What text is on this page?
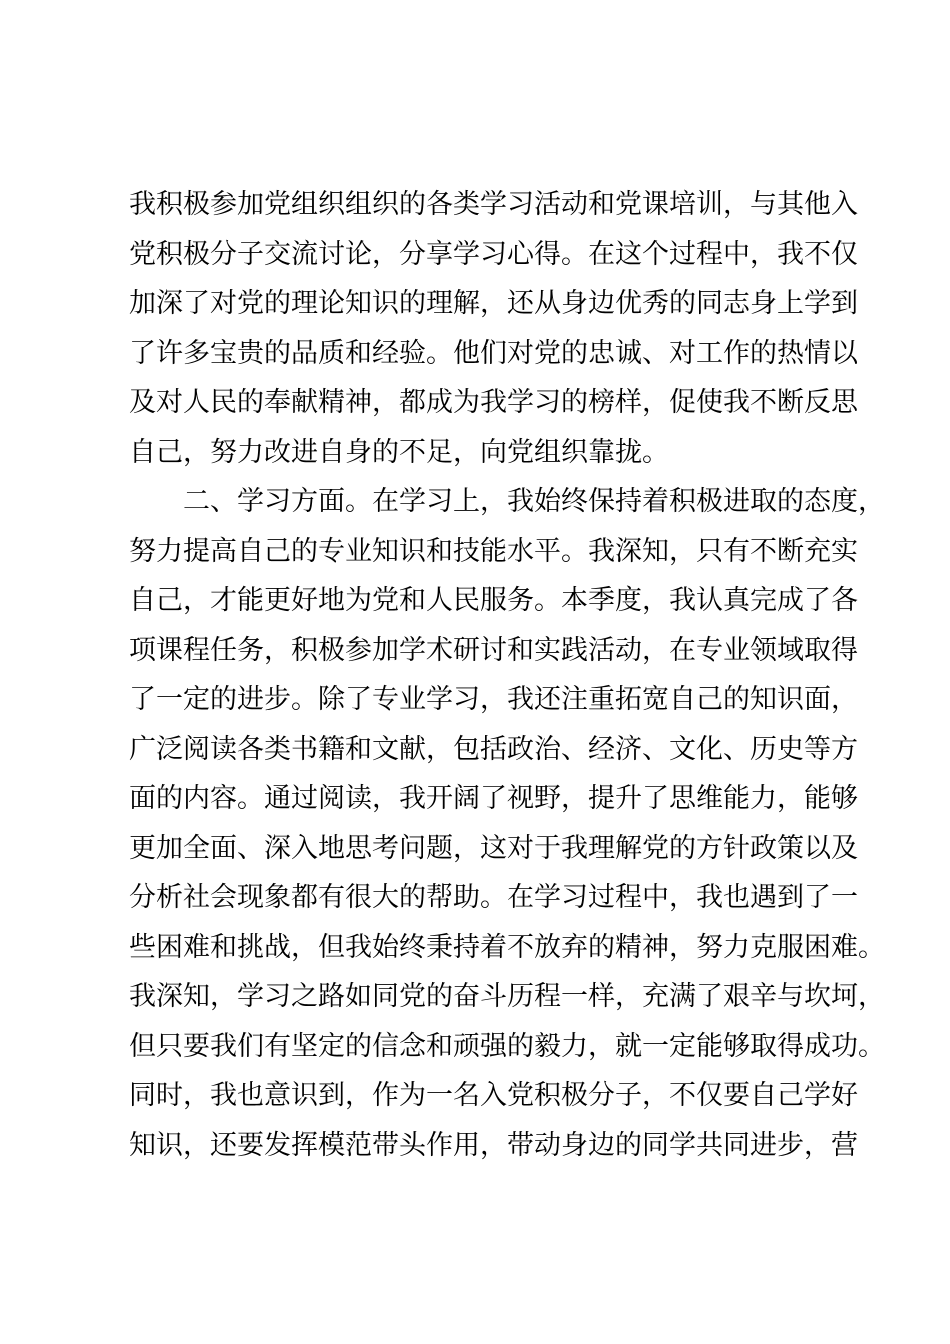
我积极参加党组织组织的各类学习活动和党课培训，与其他入
党积极分子交流讨论，分享学习心得。在这个过程中，我不仅
加深了对党的理论知识的理解，还从身边优秀的同志身上学到
了许多宝贵的品质和经验。他们对党的忠诚、对工作的热情以
及对人民的奉献精神，都成为我学习的榜样，促使我不断反思
自己，努力改进自身的不足，向党组织靠拢。
二、学习方面。在学习上，我始终保持着积极进取的态度，
努力提高自己的专业知识和技能水平。我深知，只有不断充实
自己，才能更好地为党和人民服务。本季度，我认真完成了各
项课程任务，积极参加学术研讨和实践活动，在专业领域取得
了一定的进步。除了专业学习，我还注重拓宽自己的知识面，
广泛阅读各类书籍和文献，包括政治、经济、文化、历史等方
面的内容。通过阅读，我开阔了视野，提升了思维能力，能够
更加全面、深入地思考问题，这对于我理解党的方针政策以及
分析社会现象都有很大的帮助。在学习过程中，我也遇到了一
些困难和挑战，但我始终秉持着不放弃的精神，努力克服困难。
我深知，学习之路如同党的奋斗历程一样，充满了艰辛与坎坷，
但只要我们有坚定的信念和顽强的毅力，就一定能够取得成功。
同时，我也意识到，作为一名入党积极分子，不仅要自己学好
知识，还要发挥模范带头作用，带动身边的同学共同进步，营
